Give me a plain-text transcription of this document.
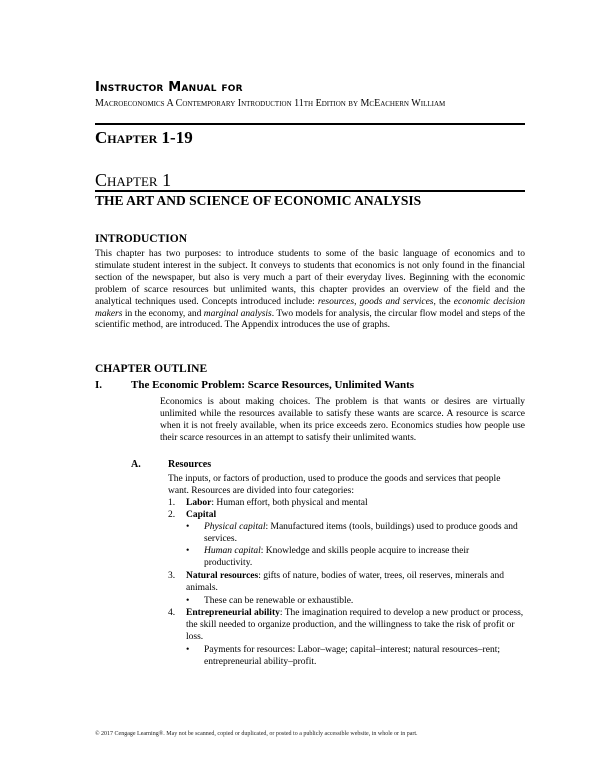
Instructor Manual for
Macroeconomics A Contemporary Introduction 11th Edition by McEachern William
Chapter 1-19
Chapter 1
THE ART AND SCIENCE OF ECONOMIC ANALYSIS
INTRODUCTION
This chapter has two purposes: to introduce students to some of the basic language of economics and to stimulate student interest in the subject. It conveys to students that economics is not only found in the financial section of the newspaper, but also is very much a part of their everyday lives. Beginning with the economic problem of scarce resources but unlimited wants, this chapter provides an overview of the field and the analytical techniques used. Concepts introduced include: resources, goods and services, the economic decision makers in the economy, and marginal analysis. Two models for analysis, the circular flow model and steps of the scientific method, are introduced. The Appendix introduces the use of graphs.
CHAPTER OUTLINE
I.	The Economic Problem: Scarce Resources, Unlimited Wants
Economics is about making choices. The problem is that wants or desires are virtually unlimited while the resources available to satisfy these wants are scarce. A resource is scarce when it is not freely available, when its price exceeds zero. Economics studies how people use their scarce resources in an attempt to satisfy their unlimited wants.
A.	Resources
The inputs, or factors of production, used to produce the goods and services that people want. Resources are divided into four categories:
1. Labor: Human effort, both physical and mental
2. Capital
• Physical capital: Manufactured items (tools, buildings) used to produce goods and services.
• Human capital: Knowledge and skills people acquire to increase their productivity.
3. Natural resources: gifts of nature, bodies of water, trees, oil reserves, minerals and animals.
• These can be renewable or exhaustible.
4. Entrepreneurial ability: The imagination required to develop a new product or process, the skill needed to organize production, and the willingness to take the risk of profit or loss.
• Payments for resources: Labor–wage; capital–interest; natural resources–rent; entrepreneurial ability–profit.
© 2017 Cengage Learning®. May not be scanned, copied or duplicated, or posted to a publicly accessible website, in whole or in part.
